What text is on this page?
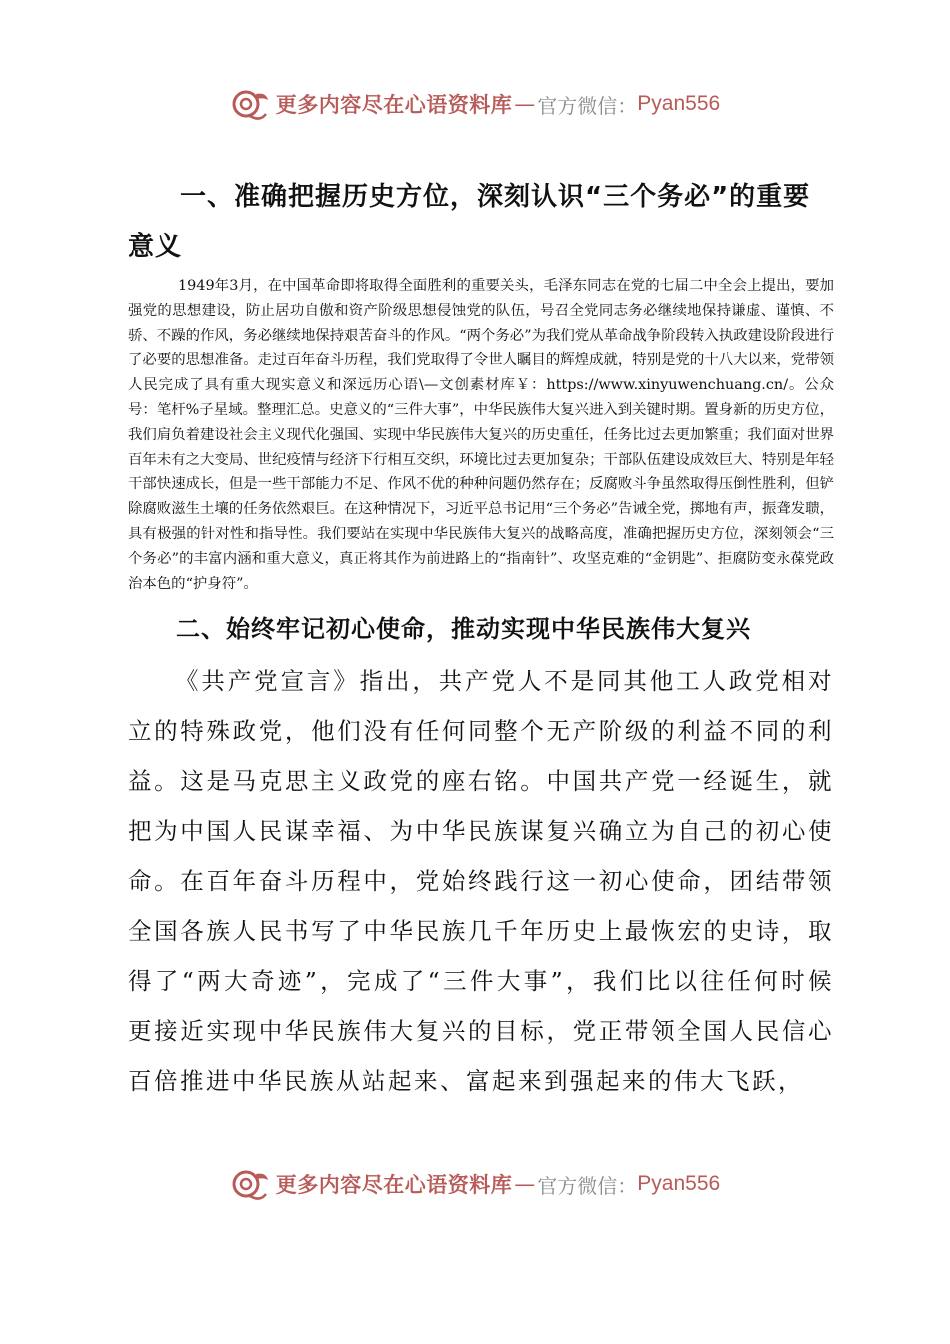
更多内容尽在心语资料库 — 官方微信： Pyan556
一、准确把握历史方位，深刻认识“三个务必”的重要意义

1949年3月，在中国革命即将取得全面胜利的重要关头，毛泽东同志在党的七届二中全会上提出，要加强党的思想建设，防止居功自傲和资产阶级思想侵蚀党的队伍，号召全党同志务必继续地保持谦虚、谨慎、不骄、不躁的作风，务必继续地保持艰苦奋斗的作风。“两个务必”为我们党从革命战争阶段转入执政建设阶段进行了必要的思想准备。走过百年奋斗历程，我们党取得了令世人瞩目的辉煌成就，特别是党的十八大以来，党带领人民完成了具有重大现实意义和深远历心语\—文创素材库￥：https://www.xinyuwenchuang.cn/。公众号：笔杆%子星域。整理汇总。史意义的“三件大事”，中华民族伟大复兴进入到关键时期。置身新的历史方位，我们肩负着建设社会主义现代化强国、实现中华民族伟大复兴的历史重任，任务比过去更加繁重；我们面对世界百年未有之大变局、世纪疫情与经济下行相互交织，环境比过去更加复杂；干部队伍建设成效巨大、特别是年轻干部快速成长，但是一些干部能力不足、作风不优的种种问题仍然存在；反腐败斗争虽然取得压倒性胜利，但铲除腐败滋生土壤的任务依然艰巨。在这种情况下，习近平总书记用“三个务必”告诫全党，掷地有声，振聋发聩，具有极强的针对性和指导性。我们要站在实现中华民族伟大复兴的战略高度，准确把握历史方位，深刻领会“三个务必”的丰富内涵和重大意义，真正将其作为前进路上的“指南针”、攻坚克难的“金钥匙”、拒腐防变永葆党政治本色的“护身符”。

二、始终牢记初心使命，推动实现中华民族伟大复兴

《共产党宣言》指出，共产党人不是同其他工人政党相对立的特殊政党，他们没有任何同整个无产阶级的利益不同的利益。这是马克思主义政党的座右铭。中国共产党一经诞生，就把为中国人民谋幸福、为中华民族谋复兴确立为自己的初心使命。在百年奋斗历程中，党始终践行这一初心使命，团结带领全国各族人民书写了中华民族几千年历史上最恢宏的史诗，取得了“两大奇迹”，完成了“三件大事”，我们比以往任何时候更接近实现中华民族伟大复兴的目标，党正带领全国人民信心百倍推进中华民族从站起来、富起来到强起来的伟大飞跃，

更多内容尽在心语资料库 — 官方微信： Pyan556
